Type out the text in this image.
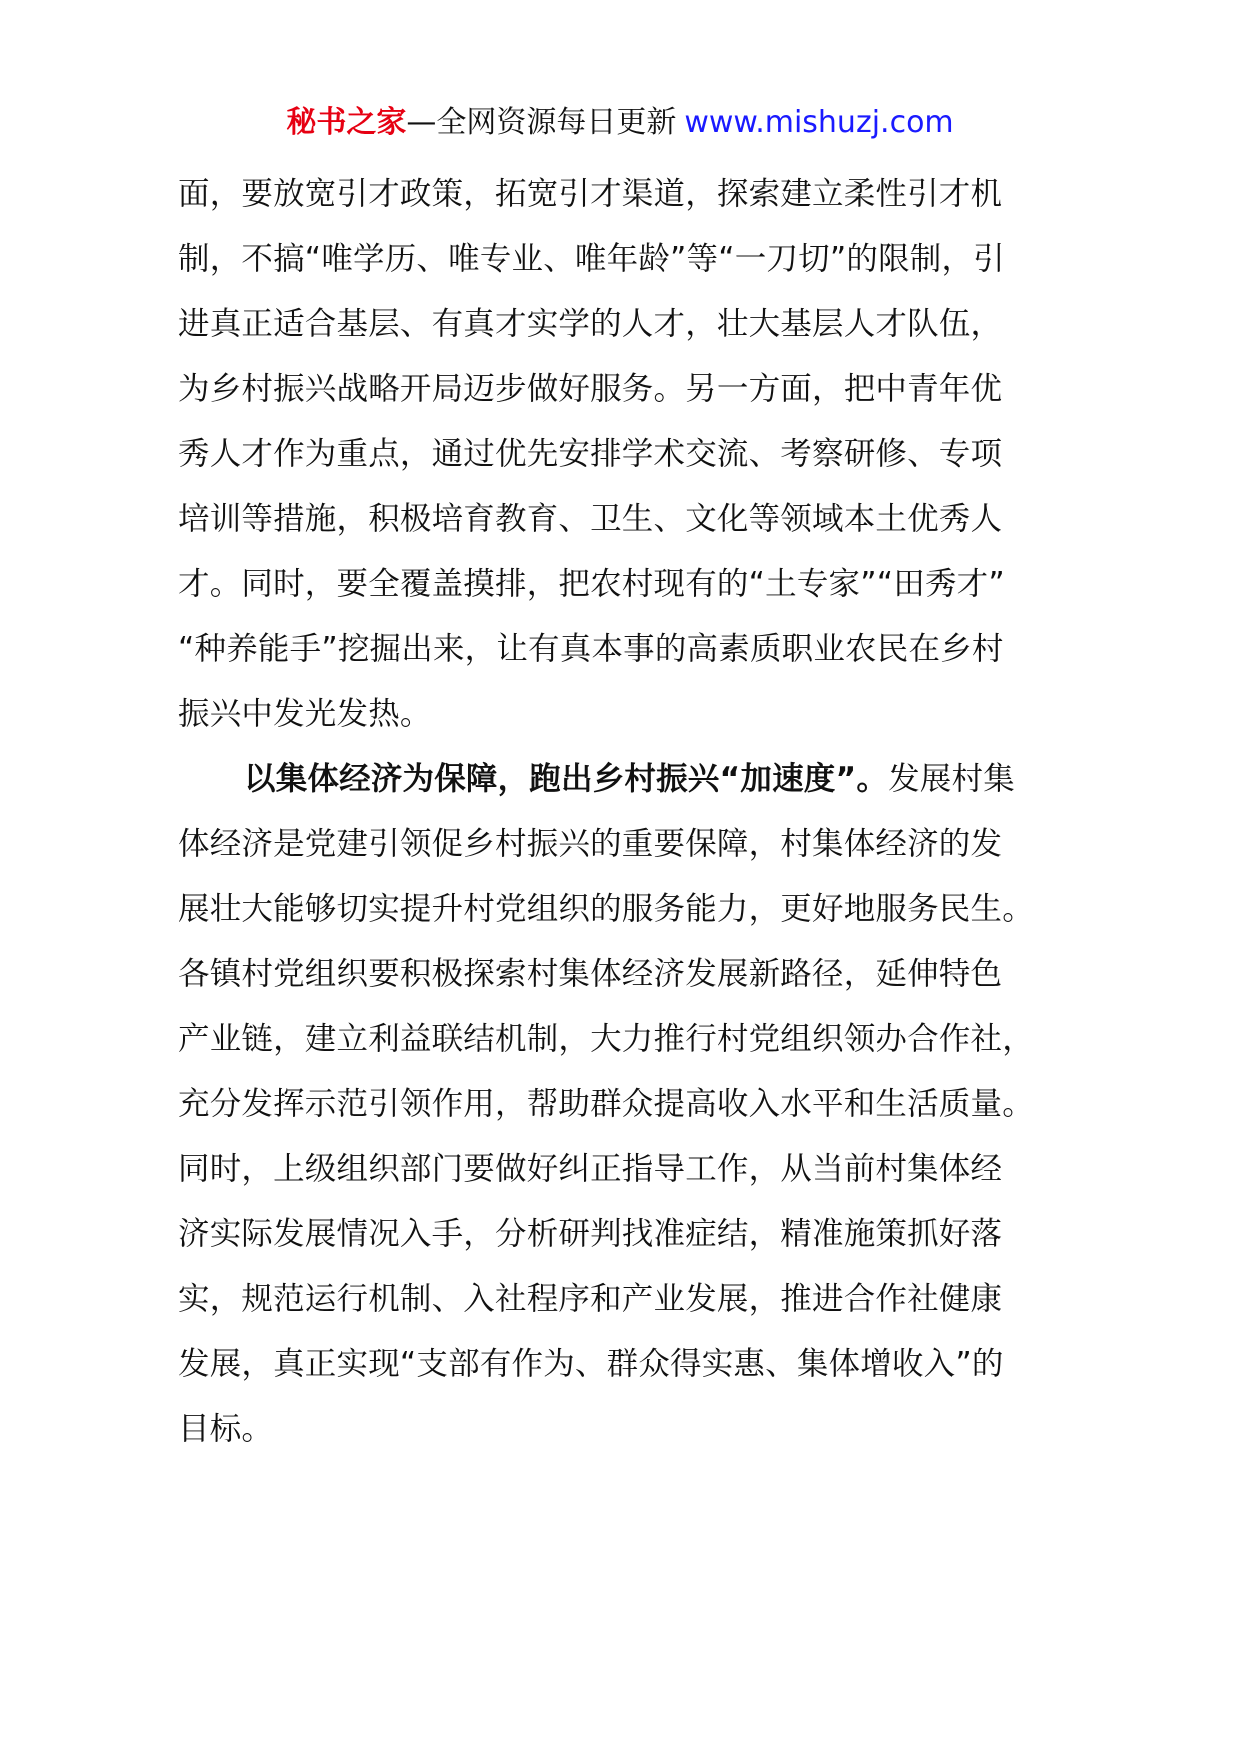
秘书之家—全网资源每日更新 www.mishuzj.com
面，要放宽引才政策，拓宽引才渠道，探索建立柔性引才机
制，不搞“唯学历、唯专业、唯年龄”等“一刀切”的限制，引
进真正适合基层、有真才实学的人才，壮大基层人才队伍，
为乡村振兴战略开局迈步做好服务。另一方面，把中青年优
秀人才作为重点，通过优先安排学术交流、考察研修、专项
培训等措施，积极培育教育、卫生、文化等领域本土优秀人
才。同时，要全覆盖摸排，把农村现有的“土专家”“田秀才”
“种养能手”挖掘出来，让有真本事的高素质职业农民在乡村
振兴中发光发热。
以集体经济为保障，跑出乡村振兴“加速度”。发展村集
体经济是党建引领促乡村振兴的重要保障，村集体经济的发
展壮大能够切实提升村党组织的服务能力，更好地服务民生。
各镇村党组织要积极探索村集体经济发展新路径，延伸特色
产业链，建立利益联结机制，大力推行村党组织领办合作社，
充分发挥示范引领作用，帮助群众提高收入水平和生活质量。
同时，上级组织部门要做好纠正指导工作，从当前村集体经
济实际发展情况入手，分析研判找准症结，精准施策抓好落
实，规范运行机制、入社程序和产业发展，推进合作社健康
发展，真正实现“支部有作为、群众得实惠、集体增收入”的
目标。
